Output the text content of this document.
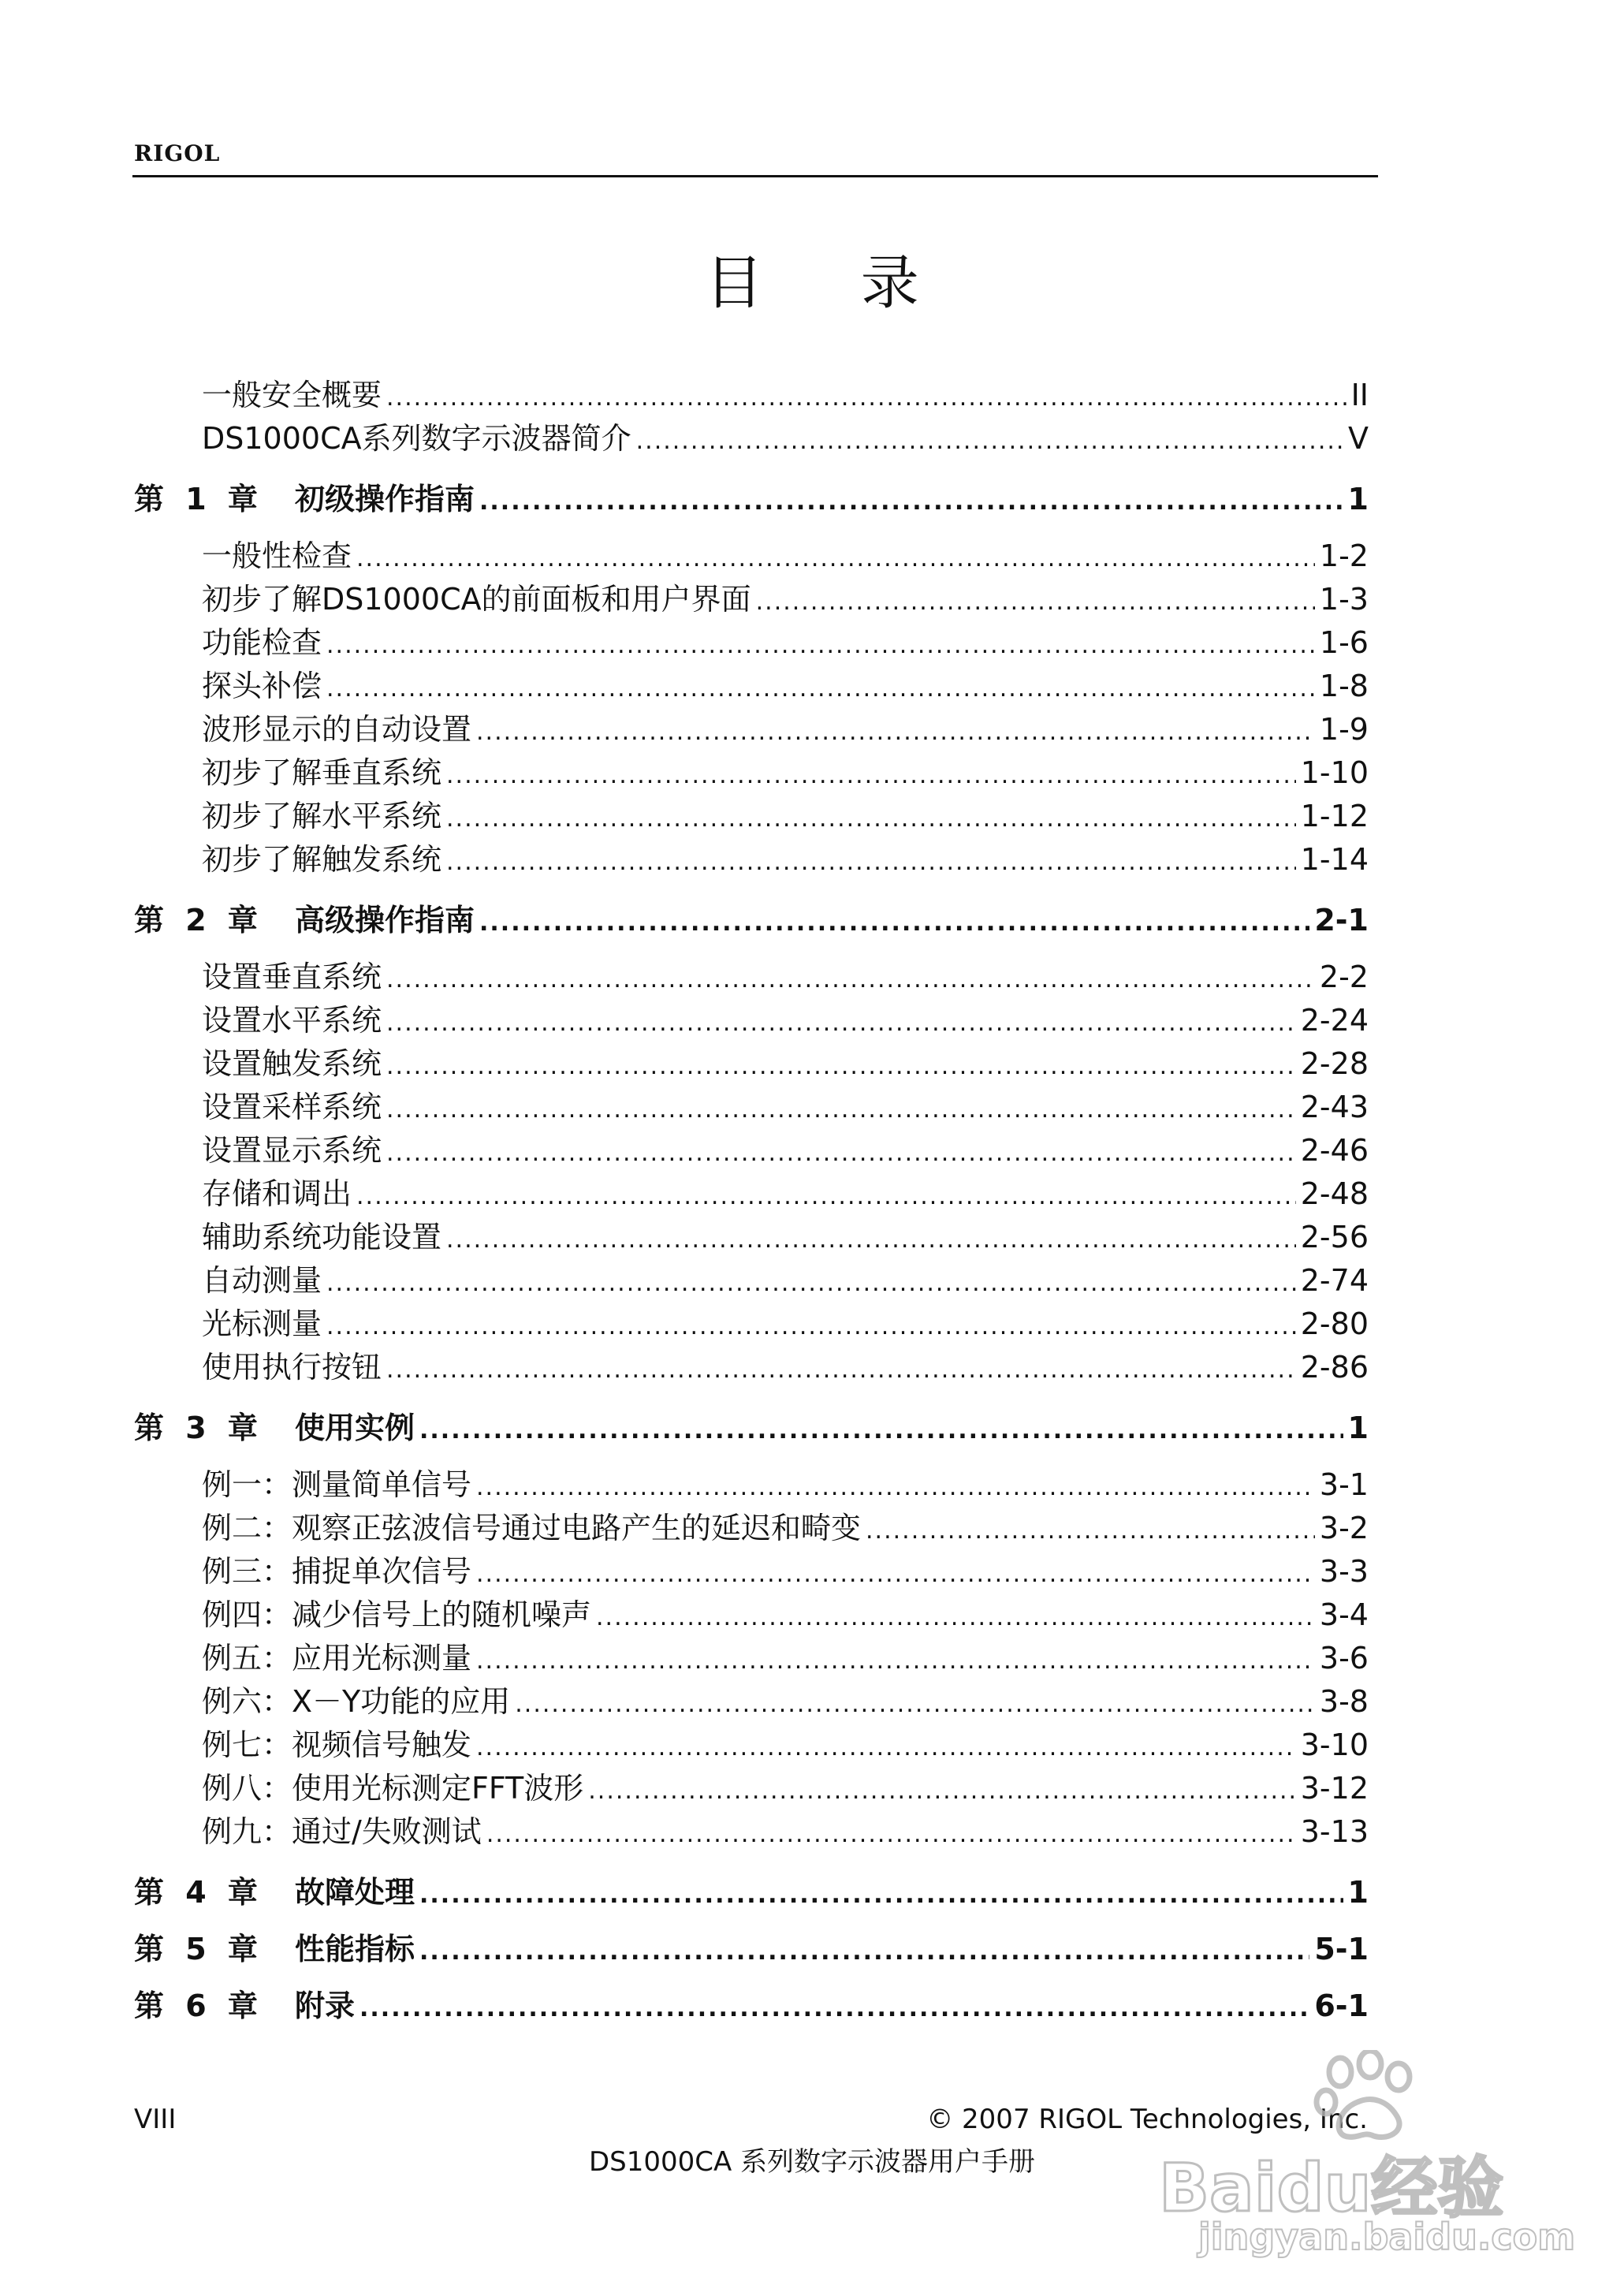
RIGOL
目 录
一般安全概要 .....	II
DS1000CA系列数字示波器简介 .....	V
第 1 章 初级操作指南 .....	1
一般性检查 .....	1-2
初步了解DS1000CA的前面板和用户界面 .....	1-3
功能检查 .....	1-6
探头补偿 .....	1-8
波形显示的自动设置 .....	1-9
初步了解垂直系统 .....	1-10
初步了解水平系统 .....	1-12
初步了解触发系统 .....	1-14
第 2 章 高级操作指南 .....	2-1
设置垂直系统 .....	2-2
设置水平系统 .....	2-24
设置触发系统 .....	2-28
设置采样系统 .....	2-43
设置显示系统 .....	2-46
存储和调出 .....	2-48
辅助系统功能设置 .....	2-56
自动测量 .....	2-74
光标测量 .....	2-80
使用执行按钮 .....	2-86
第 3 章 使用实例 .....	1
例一：测量简单信号 .....	3-1
例二：观察正弦波信号通过电路产生的延迟和畸变 .....	3-2
例三：捕捉单次信号 .....	3-3
例四：减少信号上的随机噪声 .....	3-4
例五：应用光标测量 .....	3-6
例六：X－Y功能的应用 .....	3-8
例七：视频信号触发 .....	3-10
例八：使用光标测定FFT波形 .....	3-12
例九：通过/失败测试 .....	3-13
第 4 章 故障处理 .....	1
第 5 章 性能指标 .....	5-1
第 6 章 附录 .....	6-1
VIII	© 2007 RIGOL Technologies, Inc.
DS1000CA 系列数字示波器用户手册	Baidu经验
jingyan.baidu.com
